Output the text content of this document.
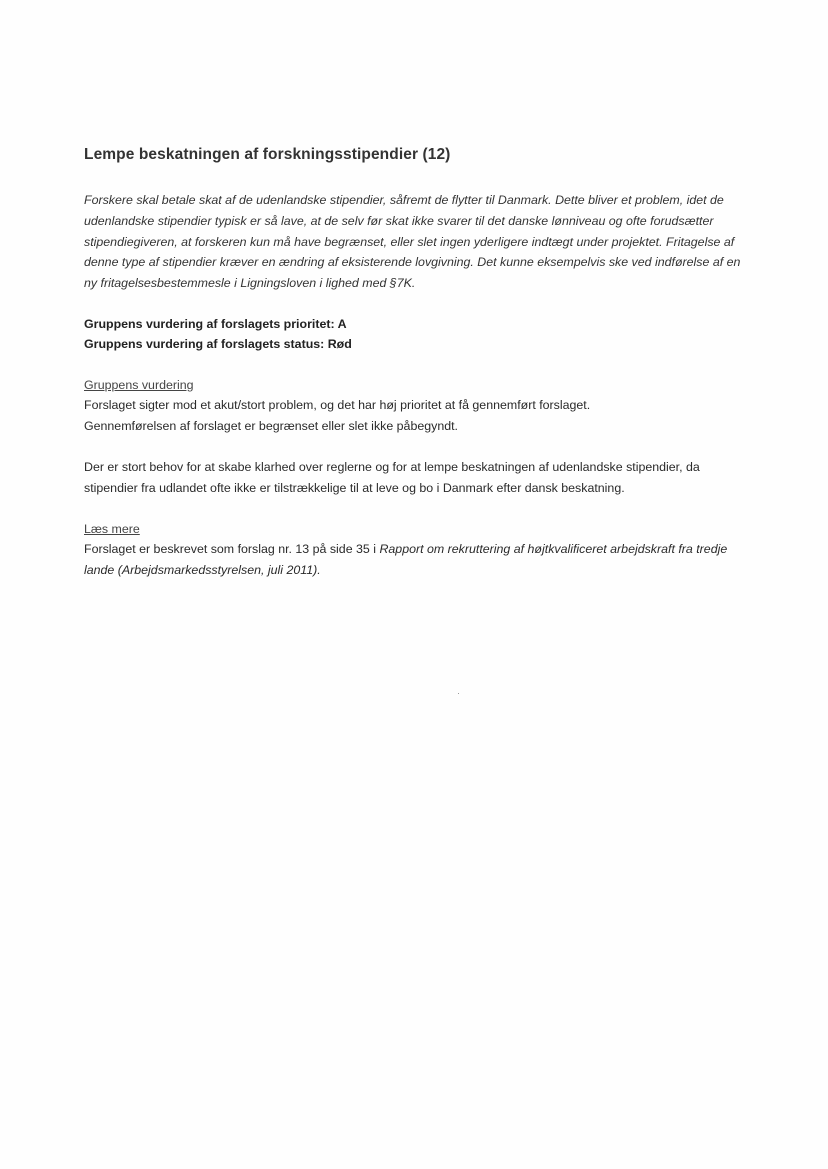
Lempe beskatningen af forskningsstipendier (12)

Forskere skal betale skat af de udenlandske stipendier, såfremt de flytter til Danmark. Dette bliver et problem, idet de udenlandske stipendier typisk er så lave, at de selv før skat ikke svarer til det danske lønniveau og ofte forudsætter stipendiegiveren, at forskeren kun må have begrænset, eller slet ingen yderligere indtægt under projektet. Fritagelse af denne type af stipendier kræver en ændring af eksisterende lovgivning. Det kunne eksempelvis ske ved indførelse af en ny fritagelsesbestemmesle i Ligningsloven i lighed med §7K.

Gruppens vurdering af forslagets prioritet: A
Gruppens vurdering af forslagets status: Rød
Gruppens vurdering
Forslaget sigter mod et akut/stort problem, og det har høj prioritet at få gennemført forslaget.
Gennemførelsen af forslaget er begrænset eller slet ikke påbegyndt.

Der er stort behov for at skabe klarhed over reglerne og for at lempe beskatningen af udenlandske stipendier, da stipendier fra udlandet ofte ikke er tilstrækkelige til at leve og bo i Danmark efter dansk beskatning.

Læs mere

Forslaget er beskrevet som forslag nr. 13 på side 35 i Rapport om rekruttering af højtkvalificeret arbejdskraft fra tredje lande (Arbejdsmarkedsstyrelsen, juli 2011).
